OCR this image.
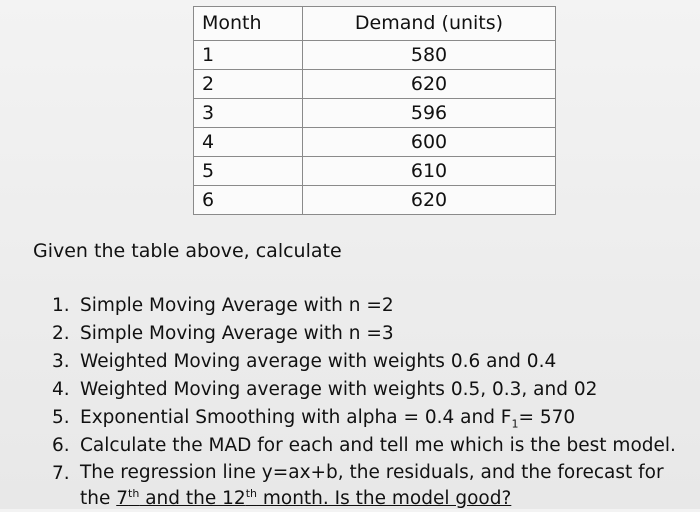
Month	Demand (units)
1	580
2	620
3	596
4	600
5	610
6	620

Given the table above, calculate

1. Simple Moving Average with n =2
2. Simple Moving Average with n =3
3. Weighted Moving average with weights 0.6 and 0.4
4. Weighted Moving average with weights 0.5, 0.3, and 02
5. Exponential Smoothing with alpha = 0.4 and $F_1= 570$
6. Calculate the MAD for each and tell me which is the best model.
7. The regression line y=ax+b, the residuals, and the forecast for the 7th and the 12th month. Is the model good?
